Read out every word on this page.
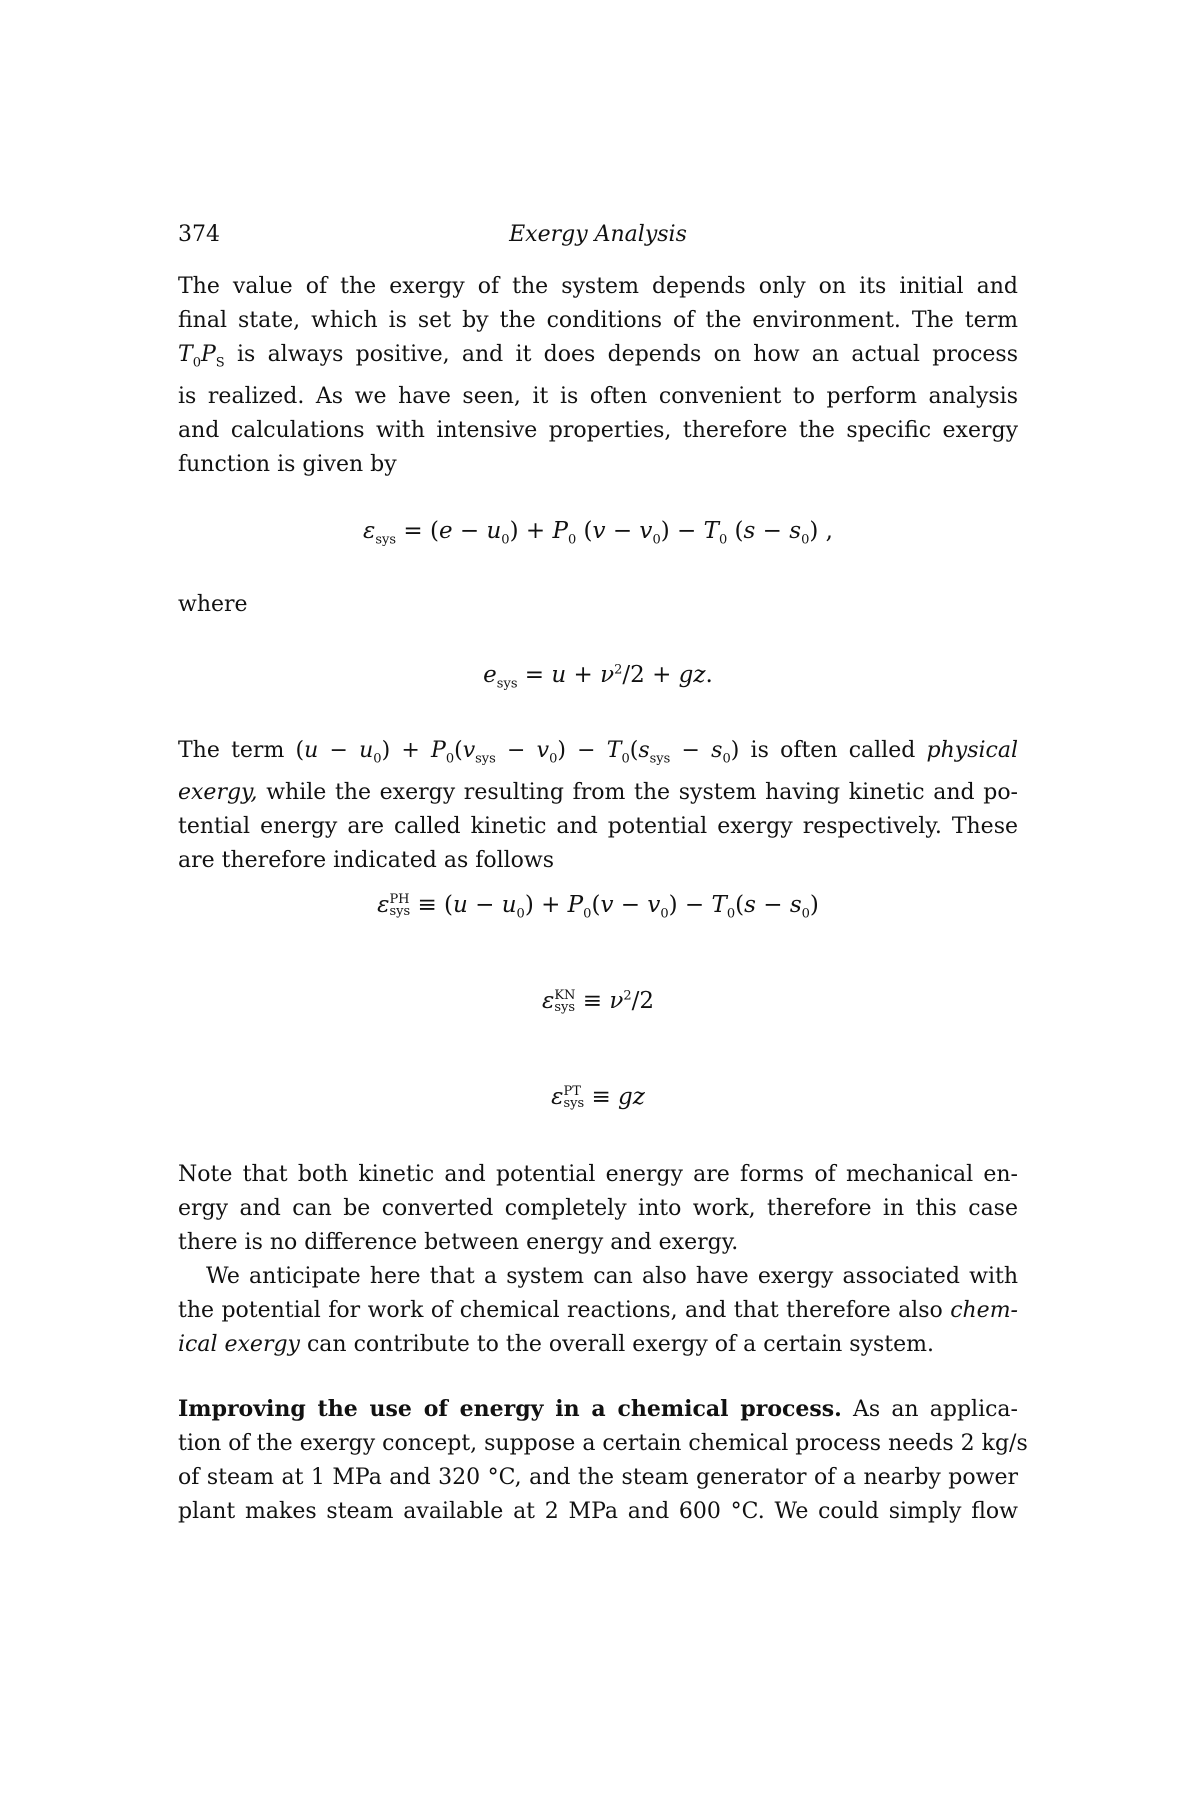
374	Exergy Analysis
The value of the exergy of the system depends only on its initial and
final state, which is set by the conditions of the environment. The term
$T_0P_S$ is always positive, and it does depends on how an actual process
is realized. As we have seen, it is often convenient to perform analysis
and calculations with intensive properties, therefore the specific exergy
function is given by
$\varepsilon_{sys} = (e - u_0) + P_0$ $(v - v_0) - T_0$ $(s - s_0)$ ,
where
$e_{sys} = u + \nu^2/2$ + gz.
The term $(u - u_0) + P_0(v_{sys} - v_0) - T_0(s_{sys} - s_0)$ is often called physical
exergy, while the exergy resulting from the system having kinetic and po-
tential energy are called kinetic and potential exergy respectively. These
are therefore indicated as follows
ε PH
sys ≡ $(u - u_0) + P_0(v - v_0) - T_0(s - s_0)$
ε KN
sys ≡ $\nu^2/2$
ε PT
sys ≡ gz
Note that both kinetic and potential energy are forms of mechanical en-
ergy and can be converted completely into work, therefore in this case
there is no difference between energy and exergy.
We anticipate here that a system can also have exergy associated with
the potential for work of chemical reactions, and that therefore also chem-
ical exergy can contribute to the overall exergy of a certain system.
Improving the use of energy in a chemical process. As an applica-
tion of the exergy concept, suppose a certain chemical process needs 2 kg/s
of steam at 1 MPa and 320 °C, and the steam generator of a nearby power
plant makes steam available at 2 MPa and 600 °C. We could simply flow
